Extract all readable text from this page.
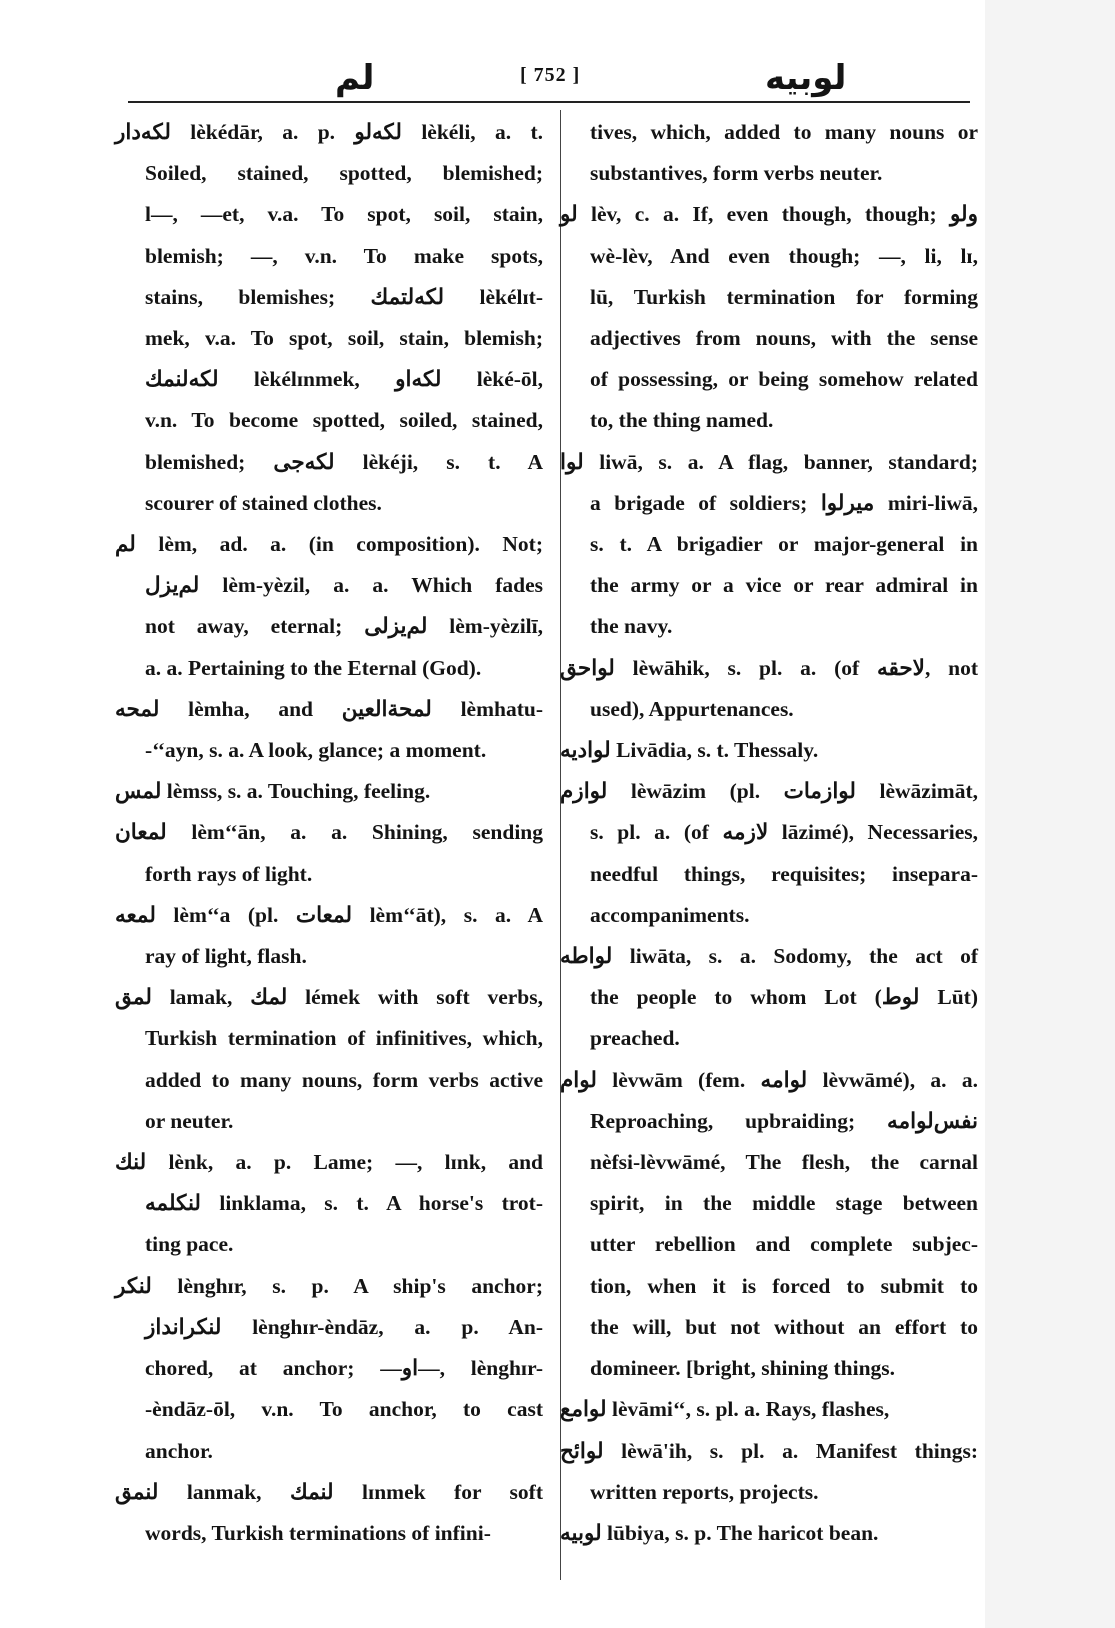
لم	[ 752 ]	لوبيه
لكه‌دار lèkédār, a. p. لكه‌لو lèkéli, a. t.
Soiled, stained, spotted, blemished;
l—, —et, v.a. To spot, soil, stain,
blemish; —, v.n. To make spots,
stains, blemishes; لكه‌لتمك lèkélɪt-
mek, v.a. To spot, soil, stain, blemish;
لكه‌لنمك lèkélɪnmek, لكه‌او lèké-ōl,
v.n. To become spotted, soiled, stained,
blemished; لكه‌جى lèkéji, s. t. A
scourer of stained clothes.
لم lèm, ad. a. (in composition). Not;
لم‌يزل lèm-yèzil, a. a. Which fades
not away, eternal; لم‌يزلى lèm-yèzilī,
a. a. Pertaining to the Eternal (God).
لمحه lèmha, and لمحة‌العين lèmhatu-
-‘‘ayn, s. a. A look, glance; a moment.
لمس lèmss, s. a. Touching, feeling.
لمعان lèm‘‘ān, a. a. Shining, sending
forth rays of light.
لمعه lèm‘‘a (pl. لمعات lèm‘‘āt), s. a. A
ray of light, flash.
لمق lamak, لمك lémek with soft verbs,
Turkish termination of infinitives, which,
added to many nouns, form verbs active
or neuter.
لنك lènk, a. p. Lame; —, lɪnk, and
لنكلمه linklama, s. t. A horse's trot-
ting pace.
لنكر lènghɪr, s. p. A ship's anchor;
لنكرانداز lènghɪr-èndāz, a. p. An-
chored, at anchor; —او—, lènghɪr-
-èndāz-ōl, v.n. To anchor, to cast
anchor.
لنمق lanmak, لنمك lɪnmek for soft
words, Turkish terminations of infini-
tives, which, added to many nouns or
substantives, form verbs neuter.
لو lèv, c. a. If, even though, though; ولو
wè-lèv, And even though; —, li, lɪ,
lū, Turkish termination for forming
adjectives from nouns, with the sense
of possessing, or being somehow related
to, the thing named.
لوا liwā, s. a. A flag, banner, standard;
a brigade of soldiers; ميرلوا miri-liwā,
s. t. A brigadier or major-general in
the army or a vice or rear admiral in
the navy.
لواحق lèwāhik, s. pl. a. (of لاحقه, not
used), Appurtenances.
لواديه Livādia, s. t. Thessaly.
لوازم lèwāzim (pl. لوازمات lèwāzimāt,
s. pl. a. (of لازمه lāzimé), Necessaries,
needful things, requisites; insepara-
accompaniments.
لواطه liwāta, s. a. Sodomy, the act of
the people to whom Lot (لوط Lūt)
preached.
لوام lèvwām (fem. لوامه lèvwāmé), a. a.
Reproaching, upbraiding; نفس‌لوامه
nèfsi-lèvwāmé, The flesh, the carnal
spirit, in the middle stage between
utter rebellion and complete subjec-
tion, when it is forced to submit to
the will, but not without an effort to
domineer. [bright, shining things.
لوامع lèvāmi‘‘, s. pl. a. Rays, flashes,
لوائح lèwā'ih, s. pl. a. Manifest things:
written reports, projects.
لوبيه lūbiya, s. p. The haricot bean.
